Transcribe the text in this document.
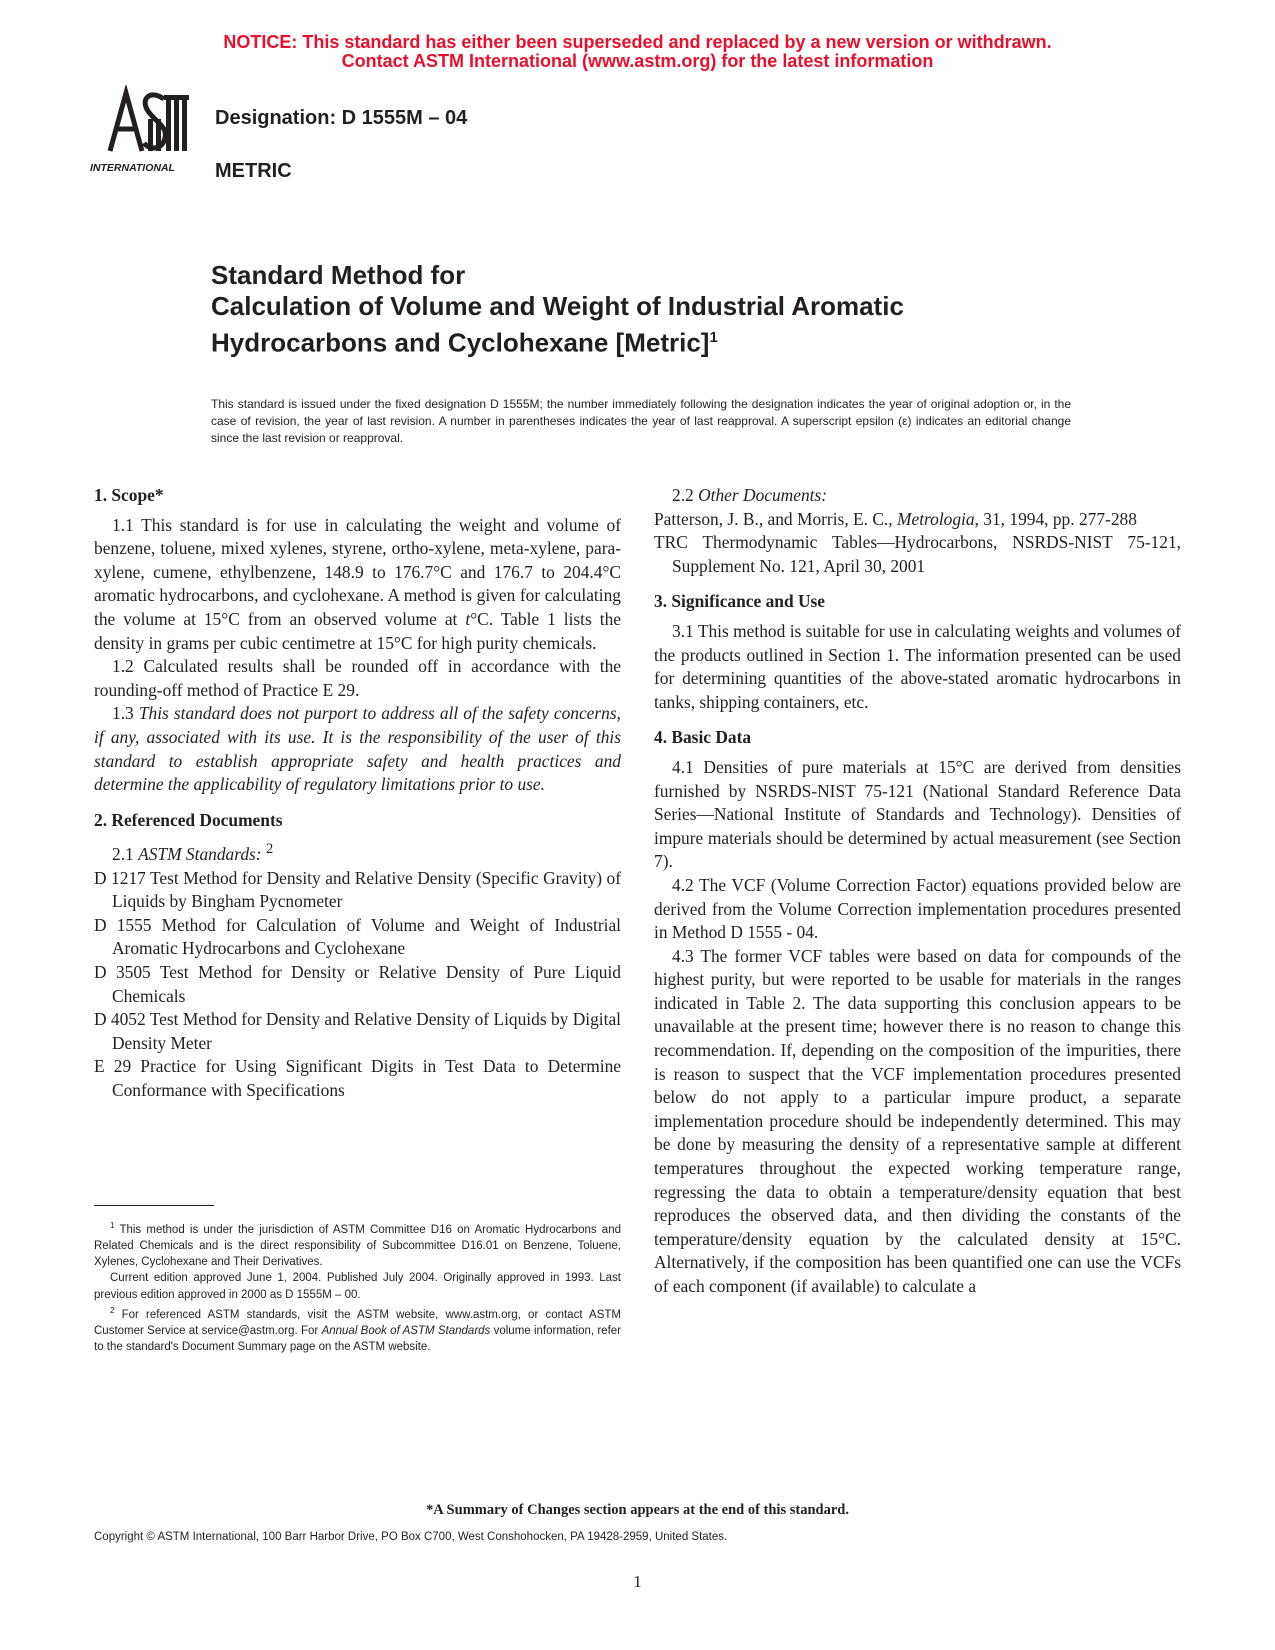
NOTICE: This standard has either been superseded and replaced by a new version or withdrawn.
Contact ASTM International (www.astm.org) for the latest information
INTERNATIONAL
Designation: D 1555M – 04
METRIC
Standard Method for
Calculation of Volume and Weight of Industrial Aromatic
Hydrocarbons and Cyclohexane [Metric]$^1$
This standard is issued under the fixed designation D 1555M; the number immediately following the designation indicates the year of original adoption or, in the case of revision, the year of last revision. A number in parentheses indicates the year of last reapproval. A superscript epsilon (ε) indicates an editorial change since the last revision or reapproval.
1. Scope*

1.1 This standard is for use in calculating the weight and volume of benzene, toluene, mixed xylenes, styrene, ortho-xylene, meta-xylene, para-xylene, cumene, ethylbenzene, 148.9 to 176.7°C and 176.7 to 204.4°C aromatic hydrocarbons, and cyclohexane. A method is given for calculating the volume at 15°C from an observed volume at t°C. Table 1 lists the density in grams per cubic centimetre at 15°C for high purity chemicals.

1.2 Calculated results shall be rounded off in accordance with the rounding-off method of Practice E 29.

1.3 This standard does not purport to address all of the safety concerns, if any, associated with its use. It is the responsibility of the user of this standard to establish appropriate safety and health practices and determine the applicability of regulatory limitations prior to use.

2. Referenced Documents

2.1 ASTM Standards: $^2$

D 1217 Test Method for Density and Relative Density (Specific Gravity) of Liquids by Bingham Pycnometer

D 1555 Method for Calculation of Volume and Weight of Industrial Aromatic Hydrocarbons and Cyclohexane

D 3505 Test Method for Density or Relative Density of Pure Liquid Chemicals

D 4052 Test Method for Density and Relative Density of Liquids by Digital Density Meter

E 29 Practice for Using Significant Digits in Test Data to Determine Conformance with Specifications

2.2 Other Documents:

Patterson, J. B., and Morris, E. C., Metrologia, 31, 1994, pp. 277-288

TRC Thermodynamic Tables—Hydrocarbons, NSRDS-NIST 75-121, Supplement No. 121, April 30, 2001

3. Significance and Use

3.1 This method is suitable for use in calculating weights and volumes of the products outlined in Section 1. The information presented can be used for determining quantities of the above-stated aromatic hydrocarbons in tanks, shipping containers, etc.

4. Basic Data

4.1 Densities of pure materials at 15°C are derived from densities furnished by NSRDS-NIST 75-121 (National Standard Reference Data Series—National Institute of Standards and Technology). Densities of impure materials should be determined by actual measurement (see Section 7).

4.2 The VCF (Volume Correction Factor) equations provided below are derived from the Volume Correction implementation procedures presented in Method D 1555 - 04.

4.3 The former VCF tables were based on data for compounds of the highest purity, but were reported to be usable for materials in the ranges indicated in Table 2. The data supporting this conclusion appears to be unavailable at the present time; however there is no reason to change this recommendation. If, depending on the composition of the impurities, there is reason to suspect that the VCF implementation procedures presented below do not apply to a particular impure product, a separate implementation procedure should be independently determined. This may be done by measuring the density of a representative sample at different temperatures throughout the expected working temperature range, regressing the data to obtain a temperature/density equation that best reproduces the observed data, and then dividing the constants of the temperature/density equation by the calculated density at 15°C. Alternatively, if the composition has been quantified one can use the VCFs of each component (if available) to calculate a

$^1$ This method is under the jurisdiction of ASTM Committee D16 on Aromatic Hydrocarbons and Related Chemicals and is the direct responsibility of Subcommittee D16.01 on Benzene, Toluene, Xylenes, Cyclohexane and Their Derivatives.

Current edition approved June 1, 2004. Published July 2004. Originally approved in 1993. Last previous edition approved in 2000 as D 1555M – 00.

$^2$ For referenced ASTM standards, visit the ASTM website, www.astm.org, or contact ASTM Customer Service at service@astm.org. For Annual Book of ASTM Standards volume information, refer to the standard's Document Summary page on the ASTM website.

*A Summary of Changes section appears at the end of this standard.
Copyright © ASTM International, 100 Barr Harbor Drive, PO Box C700, West Conshohocken, PA 19428-2959, United States.
1
